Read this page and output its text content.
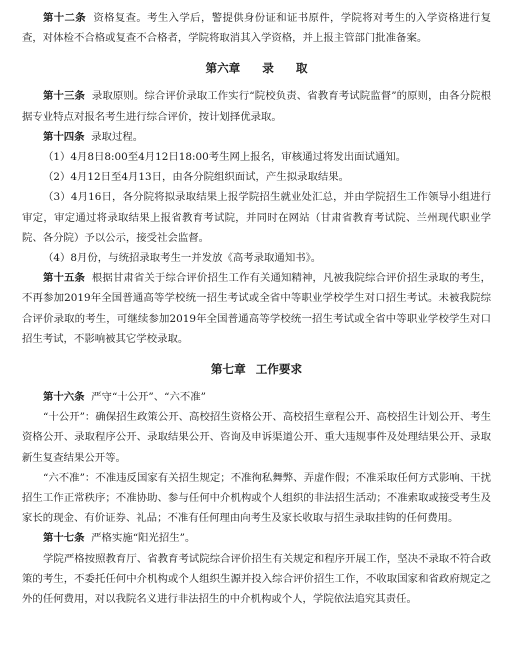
第十二条 资格复查。考生入学后，警提供身份证和证书原件，学院将对考生的入学资格进行复查，对体检不合格或复查不合格者，学院将取消其入学资格，并上报主管部门批准备案。

第六章 录 取

第十三条 录取原则。综合评价录取工作实行“院校负责、省教育考试院监督”的原则，由各分院根据专业特点对报名考生进行综合评价，按计划择优录取。

第十四条 录取过程。

（1）4月8日8:00至4月12日18:00考生网上报名，审核通过将发出面试通知。

（2）4月12日至4月13日，由各分院组织面试，产生拟录取结果。

（3）4月16日，各分院将拟录取结果上报学院招生就业处汇总，并由学院招生工作领导小组进行审定，审定通过将录取结果上报省教育考试院，并同时在网站（甘肃省教育考试院、兰州现代职业学院、各分院）予以公示，接受社会监督。

（4）8月份，与统招录取考生一并发放《高考录取通知书》。

第十五条 根据甘肃省关于综合评价招生工作有关通知精神，凡被我院综合评价招生录取的考生，不再参加2019年全国普通高等学校统一招生考试或全省中等职业学校学生对口招生考试。未被我院综合评价录取的考生，可继续参加2019年全国普通高等学校统一招生考试或全省中等职业学校学生对口招生考试，不影响被其它学校录取。

第七章 工作要求

第十六条 严守“十公开”、“六不准”

“十公开”：确保招生政策公开、高校招生资格公开、高校招生章程公开、高校招生计划公开、考生资格公开、录取程序公开、录取结果公开、咨询及申诉渠道公开、重大违规事件及处理结果公开、录取新生复查结果公开等。

“六不准”：不准违反国家有关招生规定；不准徇私舞弊、弄虚作假；不准采取任何方式影响、干扰招生工作正常秩序；不准协助、参与任何中介机构或个人组织的非法招生活动；不准索取或接受考生及家长的现金、有价证券、礼品；不准有任何理由向考生及家长收取与招生录取挂钩的任何费用。

第十七条 严格实施“阳光招生”。

学院严格按照教育厅、省教育考试院综合评价招生有关规定和程序开展工作，坚决不录取不符合政策的考生，不委托任何中介机构或个人组织生源并投入综合评价招生工作，不收取国家和省政府规定之外的任何费用，对以我院名义进行非法招生的中介机构或个人，学院依法追究其责任。
